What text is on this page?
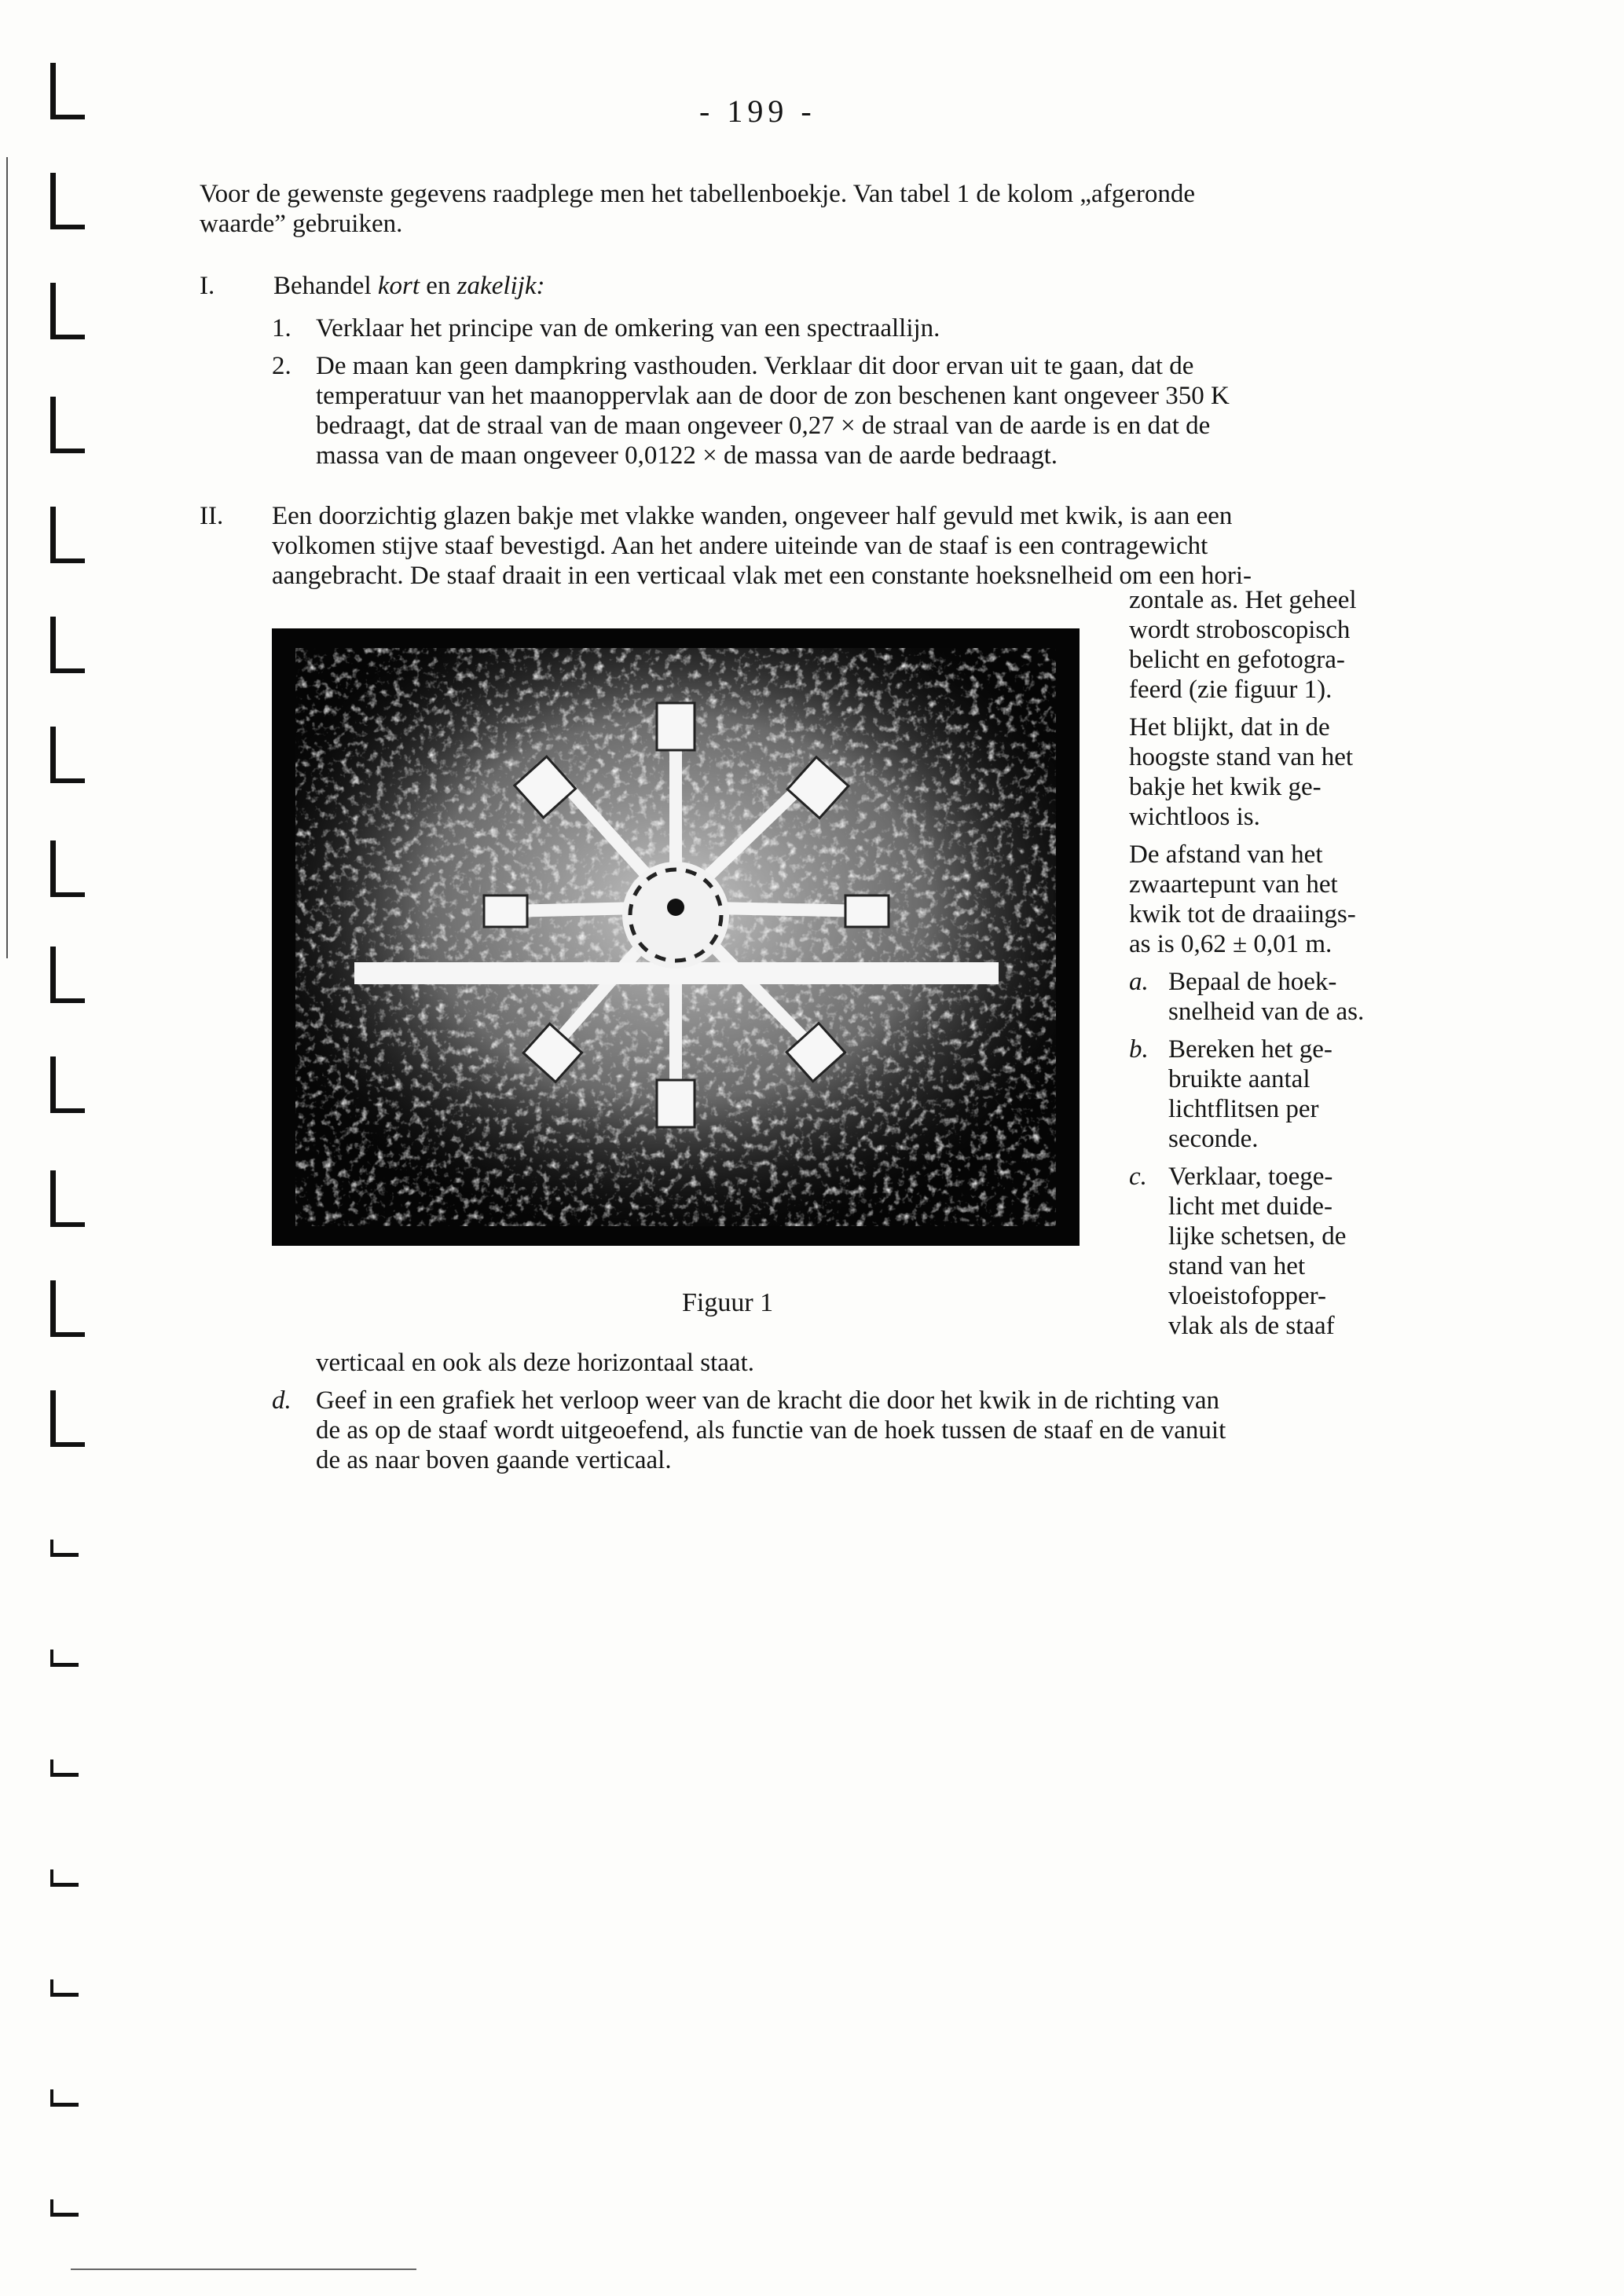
- 199 -
Voor de gewenste gegevens raadplege men het tabellenboekje. Van tabel 1 de kolom „afgeronde
waarde” gebruiken.
I. Behandel kort en zakelijk:
1. Verklaar het principe van de omkering van een spectraallijn.
2. De maan kan geen dampkring vasthouden. Verklaar dit door ervan uit te gaan, dat de
temperatuur van het maanoppervlak aan de door de zon beschenen kant ongeveer 350 K
bedraagt, dat de straal van de maan ongeveer 0,27 × de straal van de aarde is en dat de
massa van de maan ongeveer 0,0122 × de massa van de aarde bedraagt.
II. Een doorzichtig glazen bakje met vlakke wanden, ongeveer half gevuld met kwik, is aan een
volkomen stijve staaf bevestigd. Aan het andere uiteinde van de staaf is een contragewicht
aangebracht. De staaf draait in een verticaal vlak met een constante hoeksnelheid om een hori-

zontale as. Het geheel
wordt stroboscopisch
belicht en gefotogra-
feerd (zie figuur 1).

Het blijkt, dat in de
hoogste stand van het
bakje het kwik ge-
wichtloos is.

De afstand van het
zwaartepunt van het
kwik tot de draaiings-
as is 0,62 ± 0,01 m.

a. Bepaal de hoek-
snelheid van de as.
b. Bereken het ge-
bruikte aantal
lichtflitsen per
seconde.
c. Verklaar, toege-
licht met duide-
lijke schetsen, de
stand van het
vloeistofopper-
vlak als de staaf
Figuur 1
verticaal en ook als deze horizontaal staat.
d. Geef in een grafiek het verloop weer van de kracht die door het kwik in de richting van
de as op de staaf wordt uitgeoefend, als functie van de hoek tussen de staaf en de vanuit
de as naar boven gaande verticaal.
